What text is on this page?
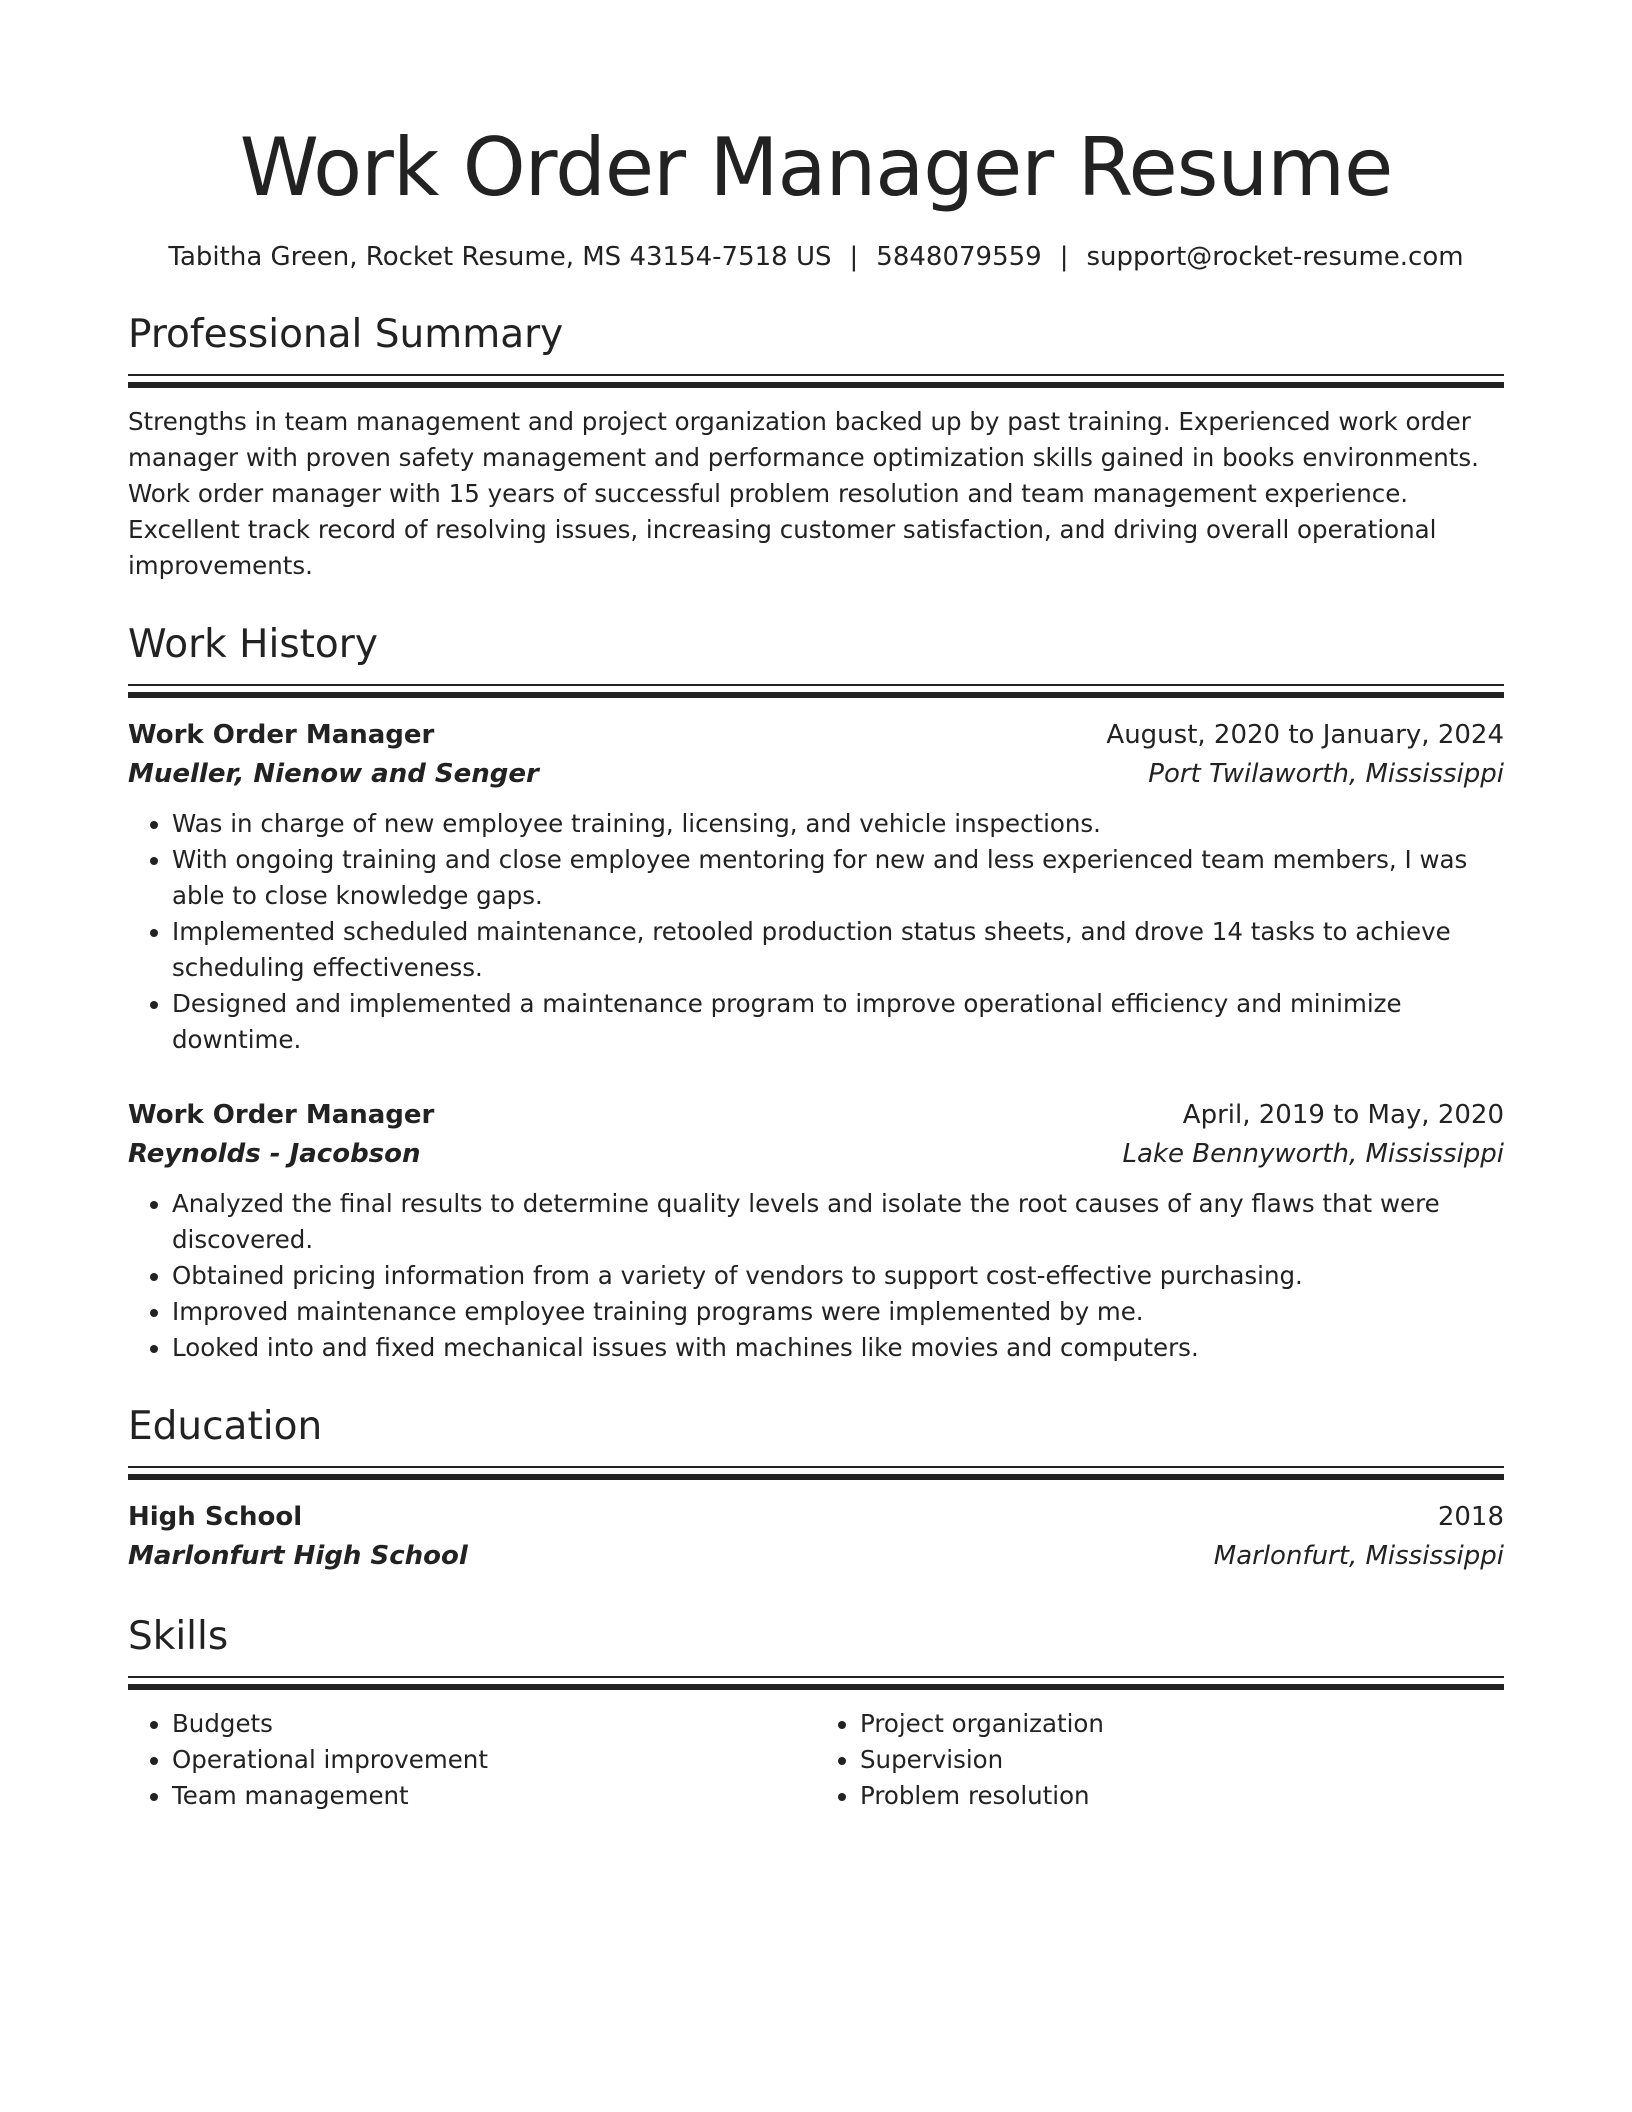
Work Order Manager Resume
Tabitha Green, Rocket Resume, MS 43154-7518 US | 5848079559 | support@rocket-resume.com
Professional Summary

Strengths in team management and project organization backed up by past training. Experienced work order manager with proven safety management and performance optimization skills gained in books environments. Work order manager with 15 years of successful problem resolution and team management experience. Excellent track record of resolving issues, increasing customer satisfaction, and driving overall operational improvements.

Work History
Work Order Manager	August, 2020 to January, 2024
Mueller, Nienow and Senger	Port Twilaworth, Mississippi
• Was in charge of new employee training, licensing, and vehicle inspections.
• With ongoing training and close employee mentoring for new and less experienced team members, I was able to close knowledge gaps.
• Implemented scheduled maintenance, retooled production status sheets, and drove 14 tasks to achieve scheduling effectiveness.
• Designed and implemented a maintenance program to improve operational efficiency and minimize downtime.
Work Order Manager	April, 2019 to May, 2020
Reynolds - Jacobson	Lake Bennyworth, Mississippi
• Analyzed the final results to determine quality levels and isolate the root causes of any flaws that were discovered.
• Obtained pricing information from a variety of vendors to support cost-effective purchasing.
• Improved maintenance employee training programs were implemented by me.
• Looked into and fixed mechanical issues with machines like movies and computers.
Education
High School	2018
Marlonfurt High School	Marlonfurt, Mississippi
Skills
• Budgets
• Operational improvement
• Team management
• Project organization
• Supervision
• Problem resolution
